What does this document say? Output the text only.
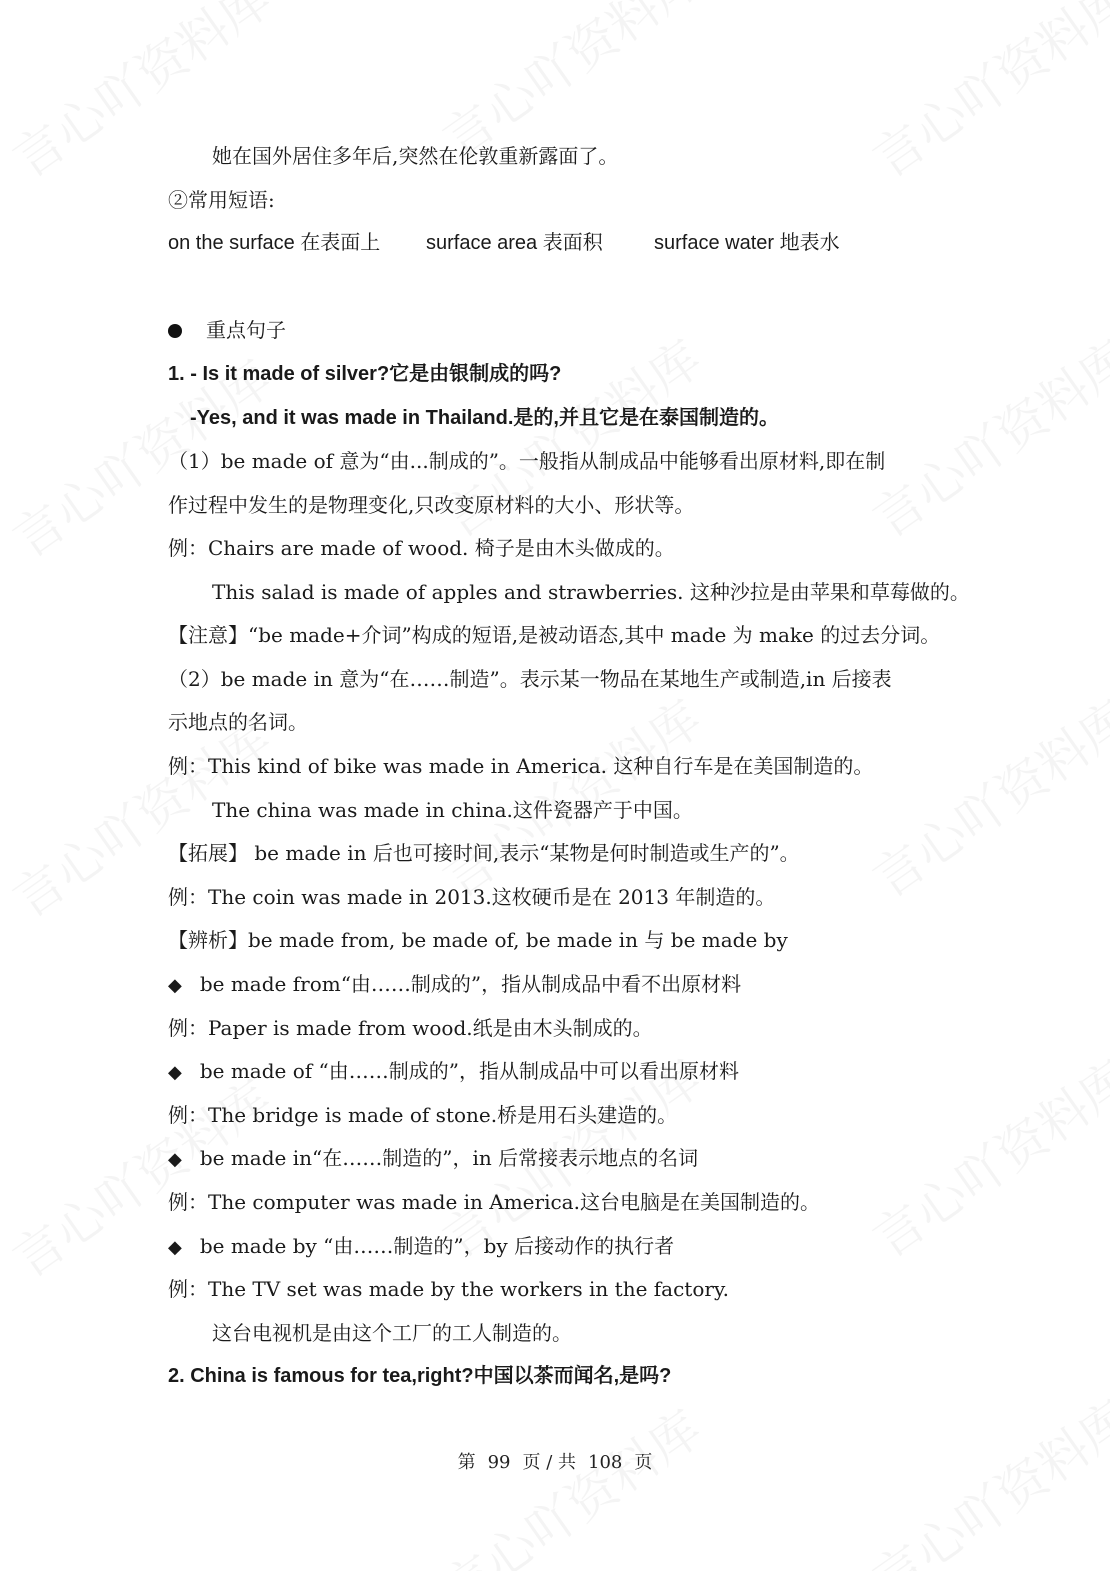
她在国外居住多年后,突然在伦敦重新露面了。
②常用短语:
on the surface 在表面上 surface area 表面积	surface water 地表水
重点句子
1. - Is it made of silver?它是由银制成的吗?
-Yes, and it was made in Thailand.是的,并且它是在泰国制造的。
（1）be made of 意为“由...制成的”。一般指从制成品中能够看出原材料,即在制
作过程中发生的是物理变化,只改变原材料的大小、形状等。
例：Chairs are made of wood. 椅子是由木头做成的。
This salad is made of apples and strawberries. 这种沙拉是由苹果和草莓做的。
【注意】“be made+介词”构成的短语,是被动语态,其中 made 为 make 的过去分词。
（2）be made in 意为“在……制造”。表示某一物品在某地生产或制造,in 后接表
示地点的名词。
例：This kind of bike was made in America. 这种自行车是在美国制造的。
The china was made in china.这件瓷器产于中国。
【拓展】 be made in 后也可接时间,表示“某物是何时制造或生产的”。
例：The coin was made in 2013.这枚硬币是在 2013 年制造的。
【辨析】be made from, be made of, be made in 与 be made by
◆ be made from“由……制成的”，指从制成品中看不出原材料
例：Paper is made from wood.纸是由木头制成的。
◆ be made of “由……制成的”，指从制成品中可以看出原材料
例：The bridge is made of stone.桥是用石头建造的。
◆ be made in“在……制造的”，in 后常接表示地点的名词
例：The computer was made in America.这台电脑是在美国制造的。
◆ be made by “由……制造的”，by 后接动作的执行者
例：The TV set was made by the workers in the factory.
这台电视机是由这个工厂的工人制造的。
2. China is famous for tea,right?中国以茶而闻名,是吗?
第 99 页 / 共 108 页
